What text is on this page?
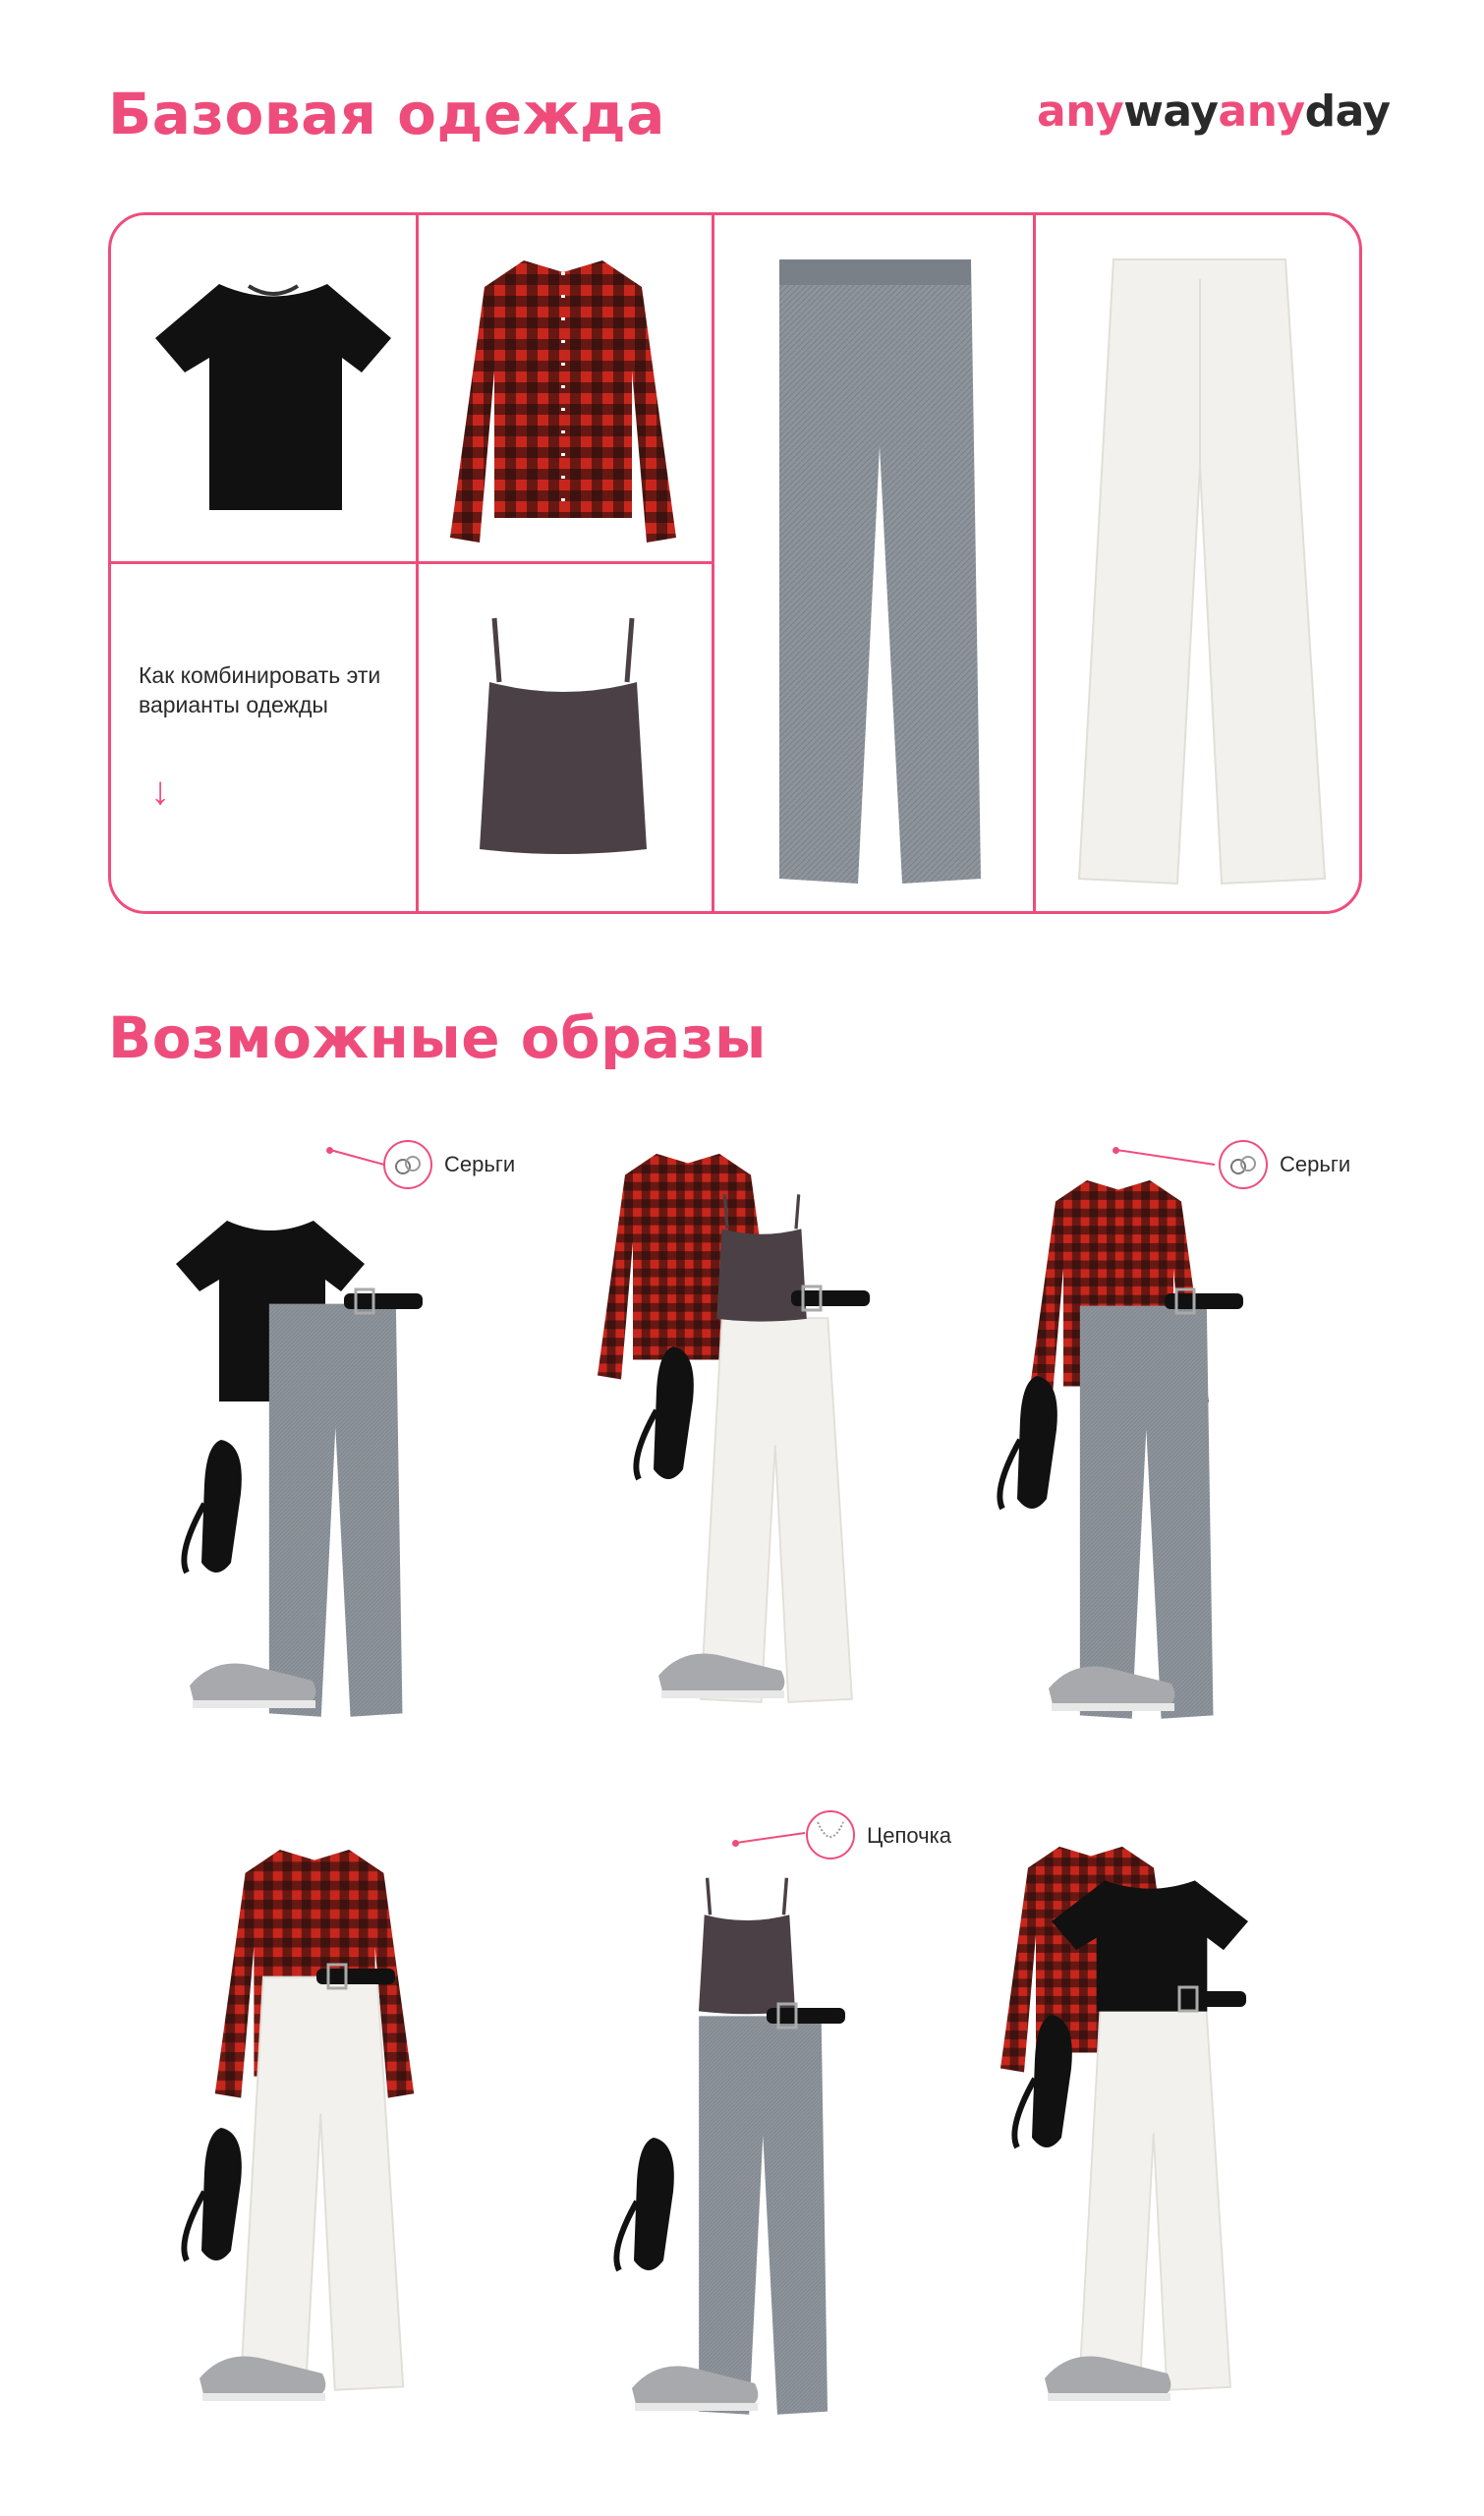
Базовая одежда	anywayanyday
Как комбинировать эти варианты одежды
↓
Возможные образы
Серьги	Серьги
Цепочка
